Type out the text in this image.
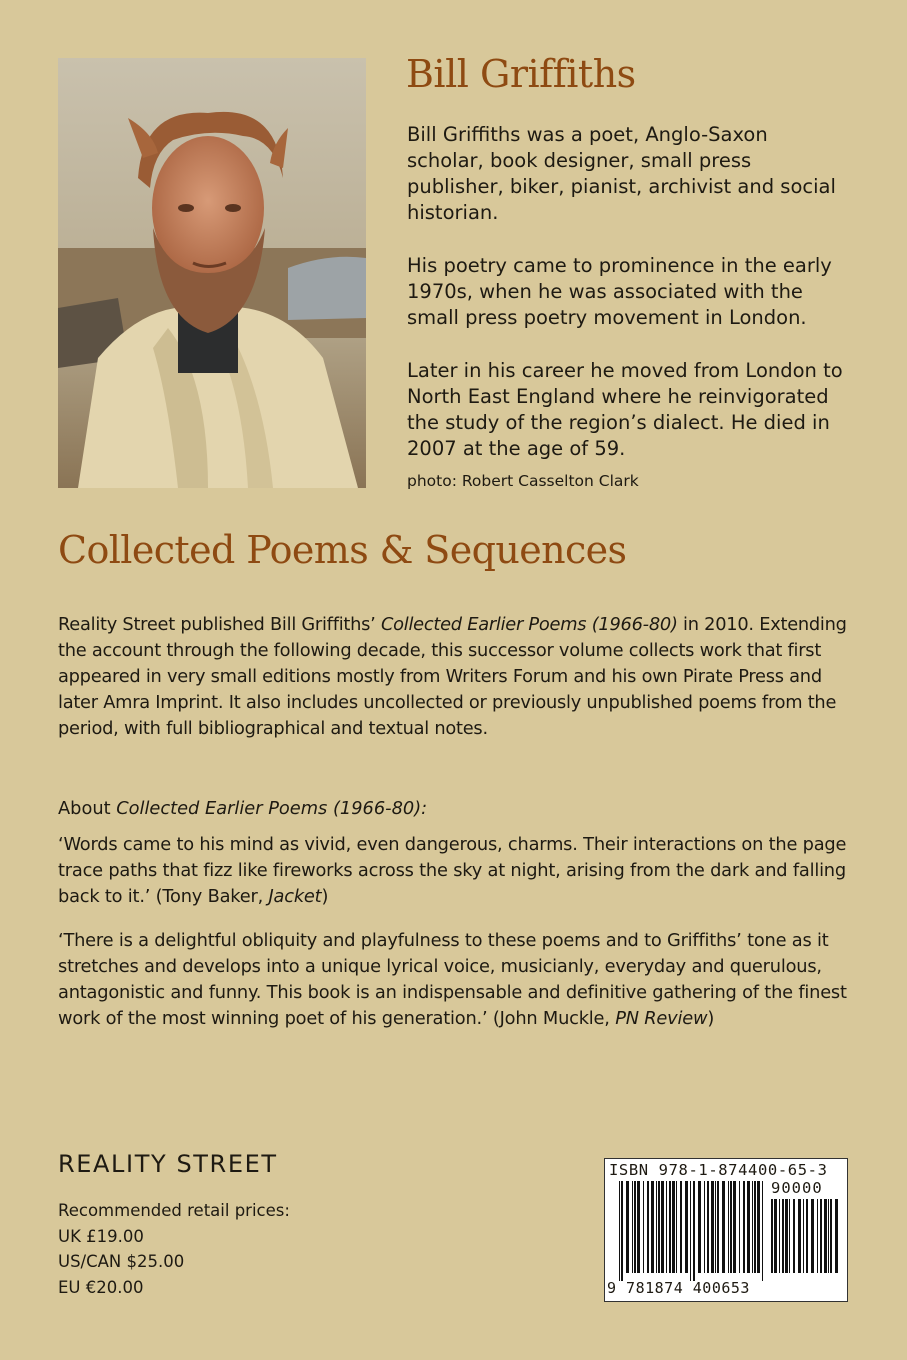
Bill Griffiths

Bill Griffiths was a poet, Anglo-Saxon scholar, book designer, small press publisher, biker, pianist, archivist and social historian.

His poetry came to prominence in the early 1970s, when he was associated with the small press poetry movement in London.

Later in his career he moved from London to North East England where he reinvigorated the study of the region’s dialect. He died in 2007 at the age of 59.

photo: Robert Casselton Clark
Collected Poems & Sequences

Reality Street published Bill Griffiths’ Collected Earlier Poems (1966-80) in 2010. Extending the account through the following decade, this successor volume collects work that first appeared in very small editions mostly from Writers Forum and his own Pirate Press and later Amra Imprint. It also includes uncollected or previously unpublished poems from the period, with full bibliographical and textual notes.

About Collected Earlier Poems (1966-80):

‘Words came to his mind as vivid, even dangerous, charms. Their interactions on the page trace paths that fizz like fireworks across the sky at night, arising from the dark and falling back to it.’ (Tony Baker, Jacket)

‘There is a delightful obliquity and playfulness to these poems and to Griffiths’ tone as it stretches and develops into a unique lyrical voice, musicianly, everyday and querulous, antagonistic and funny. This book is an indispensable and definitive gathering of the finest work of the most winning poet of his generation.’ (John Muckle, PN Review)

REALITY STREET
Recommended retail prices:
UK £19.00
US/CAN $25.00
EU €20.00
ISBN 978-1-874400-65-3
90000
9 781874 400653
